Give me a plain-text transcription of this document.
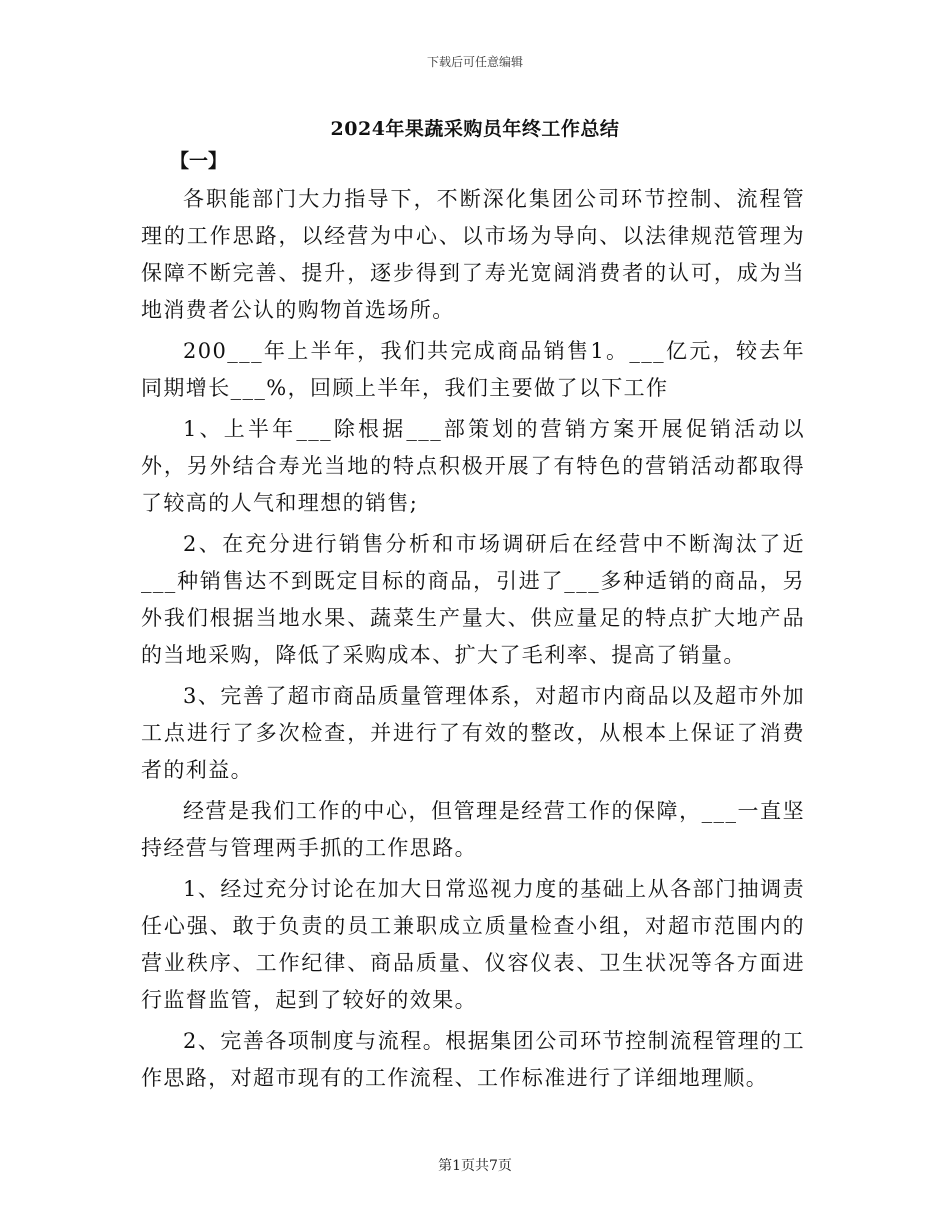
下载后可任意编辑
2024年果蔬采购员年终工作总结
【一】

各职能部门大力指导下，不断深化集团公司环节控制、流程管理的工作思路，以经营为中心、以市场为导向、以法律规范管理为保障不断完善、提升，逐步得到了寿光宽阔消费者的认可，成为当地消费者公认的购物首选场所。

200___年上半年，我们共完成商品销售1。___亿元，较去年同期增长___%，回顾上半年，我们主要做了以下工作

1、上半年___除根据___部策划的营销方案开展促销活动以外，另外结合寿光当地的特点积极开展了有特色的营销活动都取得了较高的人气和理想的销售;

2、在充分进行销售分析和市场调研后在经营中不断淘汰了近___种销售达不到既定目标的商品，引进了___多种适销的商品，另外我们根据当地水果、蔬菜生产量大、供应量足的特点扩大地产品的当地采购，降低了采购成本、扩大了毛利率、提高了销量。

3、完善了超市商品质量管理体系，对超市内商品以及超市外加工点进行了多次检查，并进行了有效的整改，从根本上保证了消费者的利益。

经营是我们工作的中心，但管理是经营工作的保障，___一直坚持经营与管理两手抓的工作思路。

1、经过充分讨论在加大日常巡视力度的基础上从各部门抽调责任心强、敢于负责的员工兼职成立质量检查小组，对超市范围内的营业秩序、工作纪律、商品质量、仪容仪表、卫生状况等各方面进行监督监管，起到了较好的效果。

2、完善各项制度与流程。根据集团公司环节控制流程管理的工作思路，对超市现有的工作流程、工作标准进行了详细地理顺。

第1页共7页
